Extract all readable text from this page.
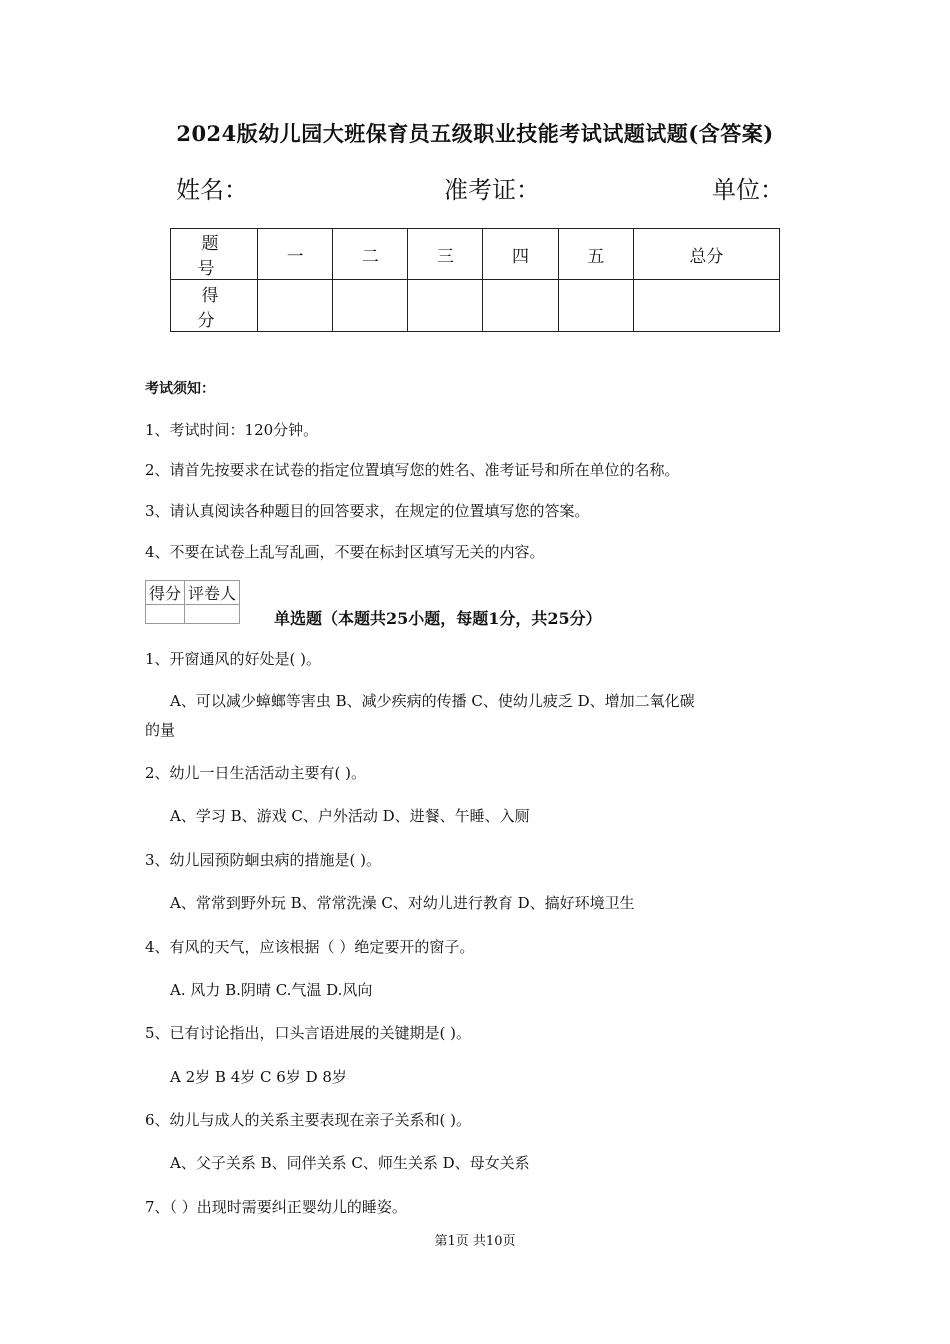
2024版幼儿园大班保育员五级职业技能考试试题试题(含答案)
姓名：	准考证：	单位：
题 号	一	二	三	四	五	总分
得 分						
考试须知：
1、考试时间：120分钟。
2、请首先按要求在试卷的指定位置填写您的姓名、准考证号和所在单位的名称。
3、请认真阅读各种题目的回答要求，在规定的位置填写您的答案。
4、不要在试卷上乱写乱画，不要在标封区填写无关的内容。
得分	评卷人

单选题（本题共25小题，每题1分，共25分）
1、开窗通风的好处是( )。
A、可以减少蟑螂等害虫 B、减少疾病的传播 C、使幼儿疲乏 D、增加二氧化碳
的量
2、幼儿一日生活活动主要有( )。
A、学习 B、游戏 C、户外活动 D、进餐、午睡、入厕
3、幼儿园预防蛔虫病的措施是( )。
A、常常到野外玩 B、常常洗澡 C、对幼儿进行教育 D、搞好环境卫生
4、有风的天气，应该根据（ ）绝定要开的窗子。
A. 风力 B.阴晴 C.气温 D.风向
5、已有讨论指出，口头言语进展的关键期是( )。
A 2岁 B 4岁 C 6岁 D 8岁
6、幼儿与成人的关系主要表现在亲子关系和( )。
A、父子关系 B、同伴关系 C、师生关系 D、母女关系
7、（ ）出现时需要纠正婴幼儿的睡姿。
第1页 共10页
